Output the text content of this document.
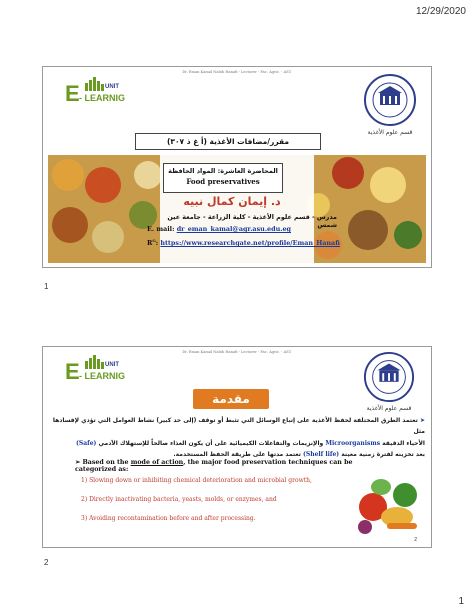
12/29/2020
Dr. Eman Kamal Nabih Hanafi - Lecturer - Fac. Agric. - ASU
E	UNIT
- LEARNIG
قسم علوم الأغذية
مقرر/مضافات الأغذية (أ غ ذ ٣٠٧)
المحاضرة العاشرة: المواد الحافظة
Food preservatives
د. إيمان كمال نبيه
مدرس - قسم علوم الأغذية - كلية الزراعة - جامعة عين شمس
E. mail: dr_eman_kamal@agr.asu.edu.eg
$R^G$: https://www.researchgate.net/profile/Eman_Hanafi
1
Dr. Eman Kamal Nabih Hanafi - Lecturer - Fac. Agric. - ASU
E	UNIT
- LEARNIG
قسم علوم الأغذية
مقدمة
➤ تعتمد الطرق المختلفة لحفظ الأغذية على إتباع الوسائل التي تثبط أو توقف (إلى حد كبير) نشاط العوامل التي تؤدي لإفسادها مثل
الأحياء الدقيقة Microorganisms والإنزيمات والتفاعلات الكيميائية على أن يكون الغذاء صالحاً للإستهلاك الآدمي (Safe)
بعد تخزينه لفترة زمنية معينة (Shelf life) تعتمد مدتها على طريقة الحفظ المستخدمة.
➢ Based on the mode of action, the major food preservation techniques can be categorized as:
1) Slowing down or inhibiting chemical deterioration and microbial growth,
2) Directly inactivating bacteria, yeasts, molds, or enzymes, and
3) Avoiding recontamination before and after processing.
2
2
1
